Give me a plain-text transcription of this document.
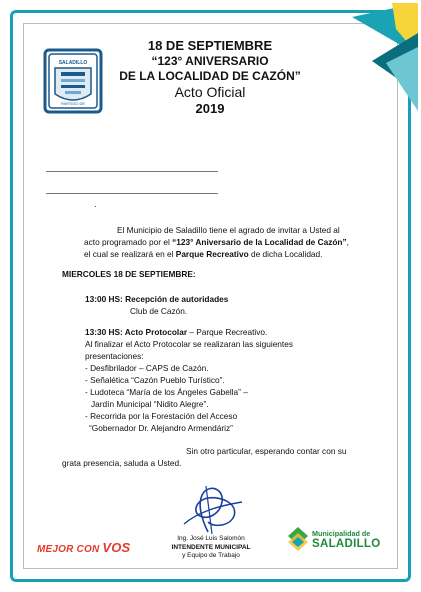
SALADILLO
PARTIDO DE
18 DE SEPTIEMBRE
“123° ANIVERSARIO
DE LA LOCALIDAD DE CAZÓN”
Acto Oficial
2019
.
El Municipio de Saladillo tiene el agrado de invitar a Usted al
acto programado por el “123° Aniversario de la Localidad de Cazón”,
el cual se realizará en el Parque Recreativo de dicha Localidad.
MIERCOLES 18 DE SEPTIEMBRE:
13:00 HS: Recepción de autoridades
Club de Cazón.
13:30 HS: Acto Protocolar – Parque Recreativo.
Al finalizar el Acto Protocolar se realizaran las siguientes
presentaciones:
- Desfibrilador – CAPS de Cazón.
- Señalética “Cazón Pueblo Turístico”.
- Ludoteca “María de los Ángeles Gabella” –
Jardín Municipal “Nidito Alegre”.
- Recorrida por la Forestación del Acceso
“Gobernador Dr. Alejandro Armendáriz”
Sin otro particular, esperando contar con su
grata presencia, saluda a Usted.
Ing. José Luis Salomón
INTENDENTE MUNICIPAL
y Equipo de Trabajo
MEJOR CON VOS
Municipalidad de
SALADILLO
